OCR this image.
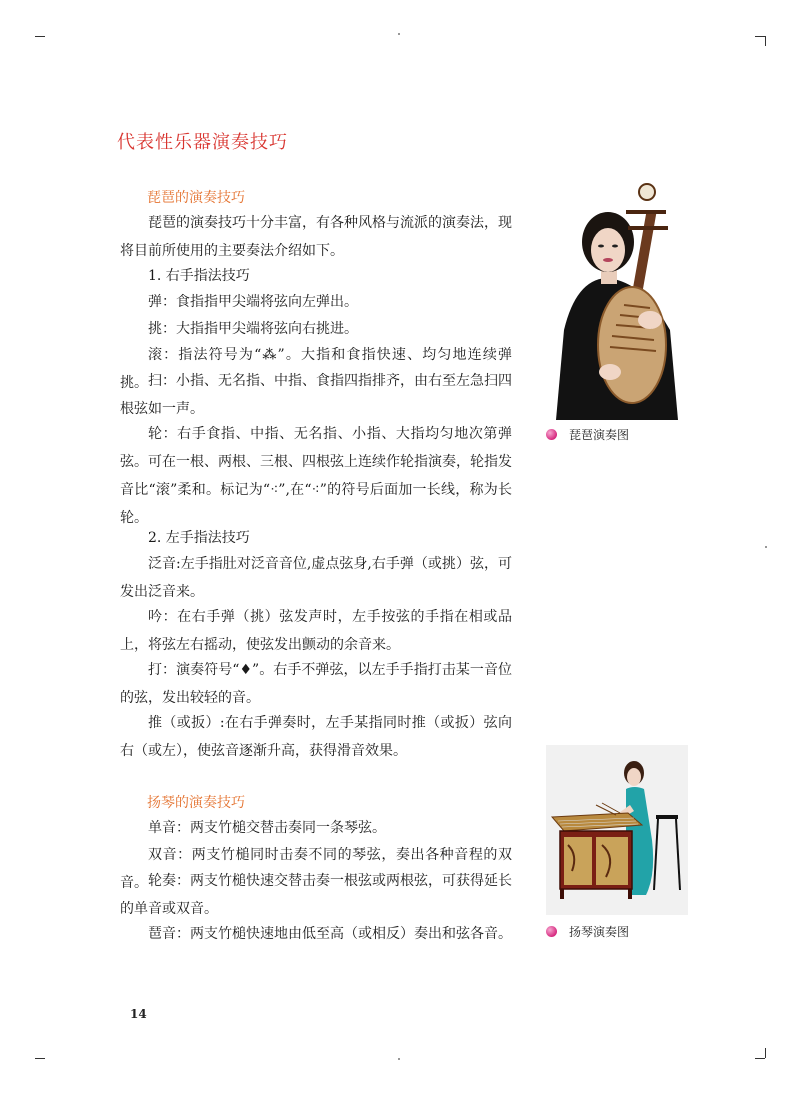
代表性乐器演奏技巧
琵琶的演奏技巧

琵琶的演奏技巧十分丰富，有各种风格与流派的演奏法，现将目前所使用的主要奏法介绍如下。

1. 右手指法技巧

弹：食指指甲尖端将弦向左弹出。

挑：大指指甲尖端将弦向右挑进。

滚：指法符号为“⁂”。大指和食指快速、均匀地连续弹挑。 扫：小指、无名指、中指、食指四指排齐，由右至左急扫四根弦如一声。

轮：右手食指、中指、无名指、小指、大指均匀地次第弹弦。可在一根、两根、三根、四根弦上连续作轮指演奏，轮指发音比“滚”柔和。标记为“⁖”,在“⁖”的符号后面加一长线，称为长轮。

2. 左手指法技巧

泛音:左手指肚对泛音音位,虚点弦身,右手弹（或挑）弦，可发出泛音来。

吟：在右手弹（挑）弦发声时，左手按弦的手指在相或品上，将弦左右摇动，使弦发出颤动的余音来。

打：演奏符号“♦”。右手不弹弦，以左手手指打击某一音位的弦，发出较轻的音。

推（或扳）:在右手弹奏时，左手某指同时推（或扳）弦向右（或左），使弦音逐渐升高，获得滑音效果。

琵琶演奏图
扬琴的演奏技巧

单音：两支竹槌交替击奏同一条琴弦。

双音：两支竹槌同时击奏不同的琴弦，奏出各种音程的双音。 轮奏：两支竹槌快速交替击奏一根弦或两根弦，可获得延长的单音或双音。

琶音：两支竹槌快速地由低至高（或相反）奏出和弦各音。	扬琴演奏图
14
